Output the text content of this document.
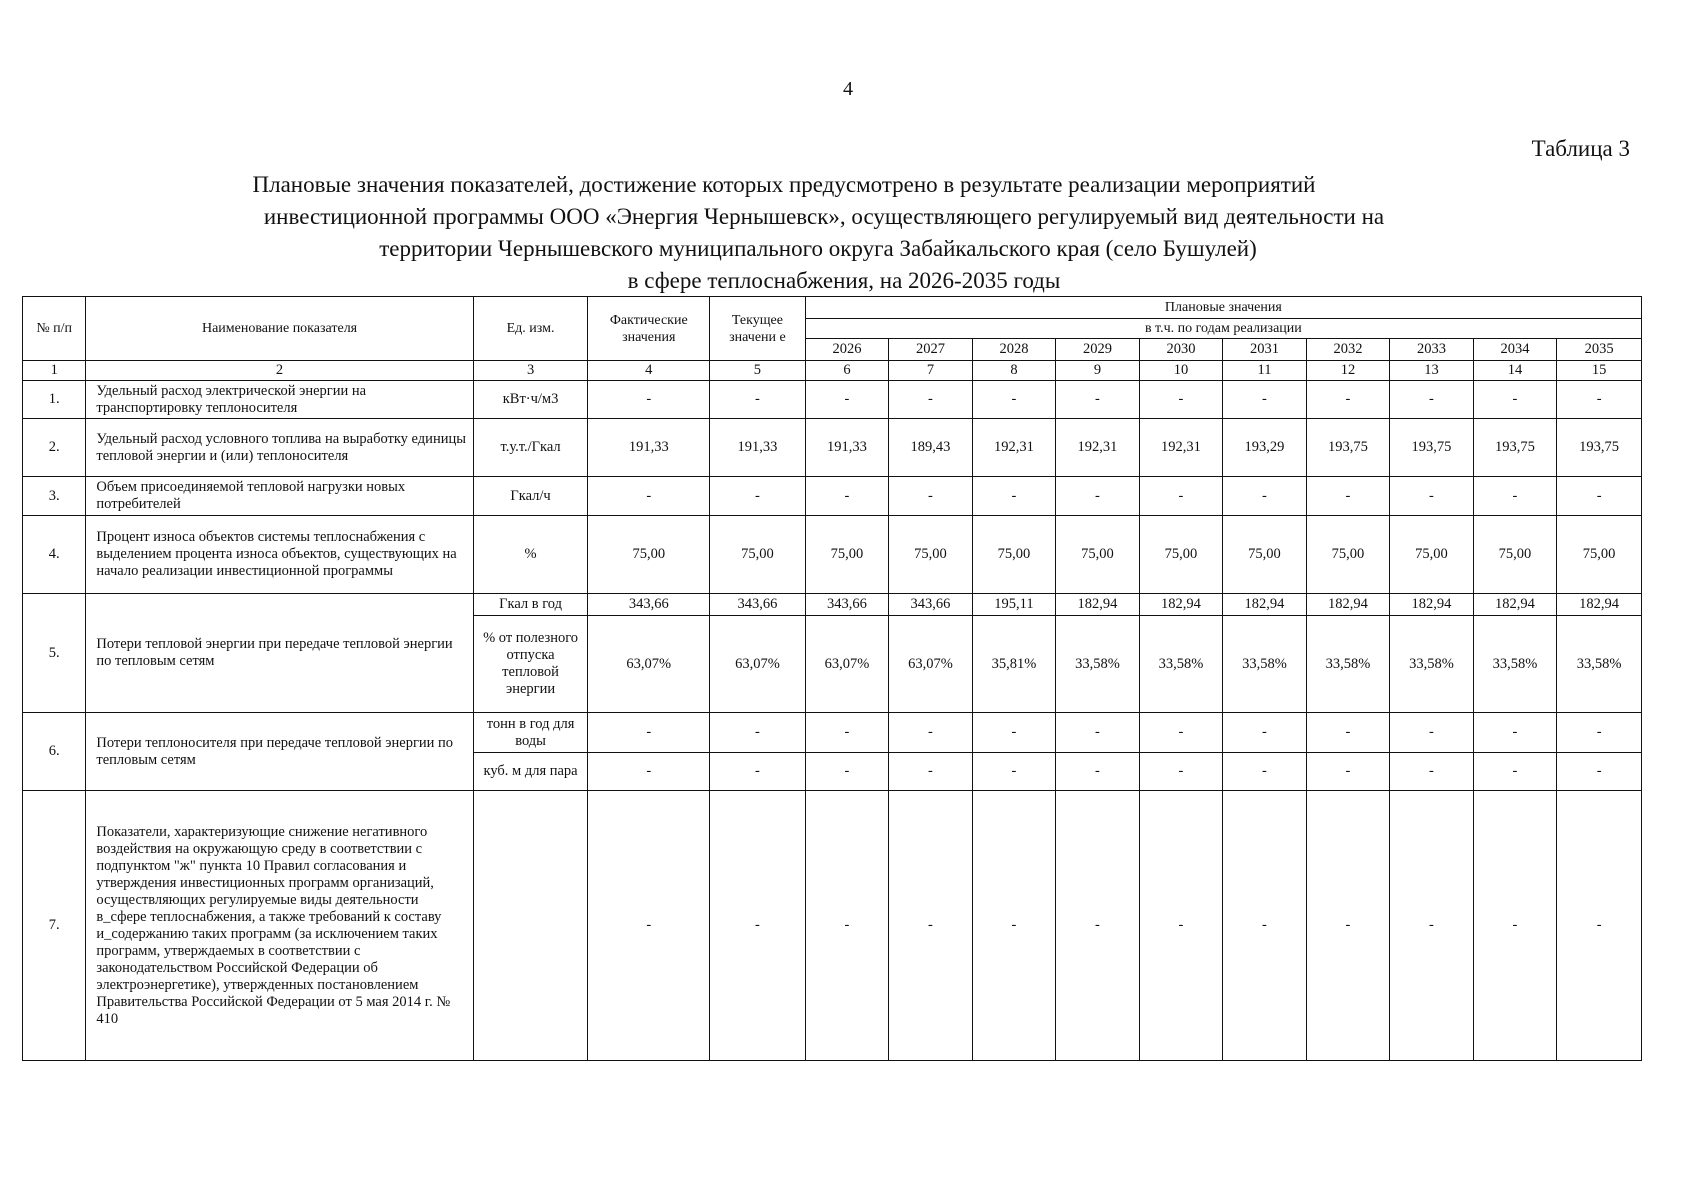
4
Таблица 3
Плановые значения показателей, достижение которых предусмотрено в результате реализации мероприятий
инвестиционной программы ООО «Энергия Чернышевск», осуществляющего регулируемый вид деятельности на
территории Чернышевского муниципального округа Забайкальского края (село Бушулей)
в сфере теплоснабжения, на 2026-2035 годы
№ п/п	Наименование показателя	Ед. изм.	Фактические значения	Текущее значени е	Плановые значения									
					в т.ч. по годам реализации									
					2026	2027	2028	2029	2030	2031	2032	2033	2034	2035
1	2	3	4	5	6	7	8	9	10	11	12	13	14	15
1.	Удельный расход электрической энергии на транспортировку теплоносителя	кВт·ч/м3	-	-	-	-	-	-	-	-	-	-	-	-
2.	Удельный расход условного топлива на выработку единицы тепловой энергии и (или) теплоносителя	т.у.т./Гкал	191,33	191,33	191,33	189,43	192,31	192,31	192,31	193,29	193,75	193,75	193,75	193,75
3.	Объем присоединяемой тепловой нагрузки новых потребителей	Гкал/ч	-	-	-	-	-	-	-	-	-	-	-	-
4.	Процент износа объектов системы теплоснабжения с выделением процента износа объектов, существующих на начало реализации инвестиционной программы	%	75,00	75,00	75,00	75,00	75,00	75,00	75,00	75,00	75,00	75,00	75,00	75,00
5.	Потери тепловой энергии при передаче тепловой энергии по тепловым сетям	Гкал в год	343,66	343,66	343,66	343,66	195,11	182,94	182,94	182,94	182,94	182,94	182,94	182,94
		% от полезного отпуска тепловой энергии	63,07%	63,07%	63,07%	63,07%	35,81%	33,58%	33,58%	33,58%	33,58%	33,58%	33,58%	33,58%
6.	Потери теплоносителя при передаче тепловой энергии по тепловым сетям	тонн в год для воды	-	-	-	-	-	-	-	-	-	-	-	-
		куб. м для пара	-	-	-	-	-	-	-	-	-	-	-	-
7.	Показатели, характеризующие снижение негативного воздействия на окружающую среду в соответствии с подпунктом "ж" пункта 10 Правил согласования и утверждения инвестиционных программ организаций, осуществляющих регулируемые виды деятельности в_сфере теплоснабжения, а также требований к составу и_содержанию таких программ (за исключением таких программ, утверждаемых в соответствии с законодательством Российской Федерации об электроэнергетике), утвержденных постановлением Правительства Российской Федерации от 5 мая 2014 г. № 410		-	-	-	-	-	-	-	-	-	-	-	-
